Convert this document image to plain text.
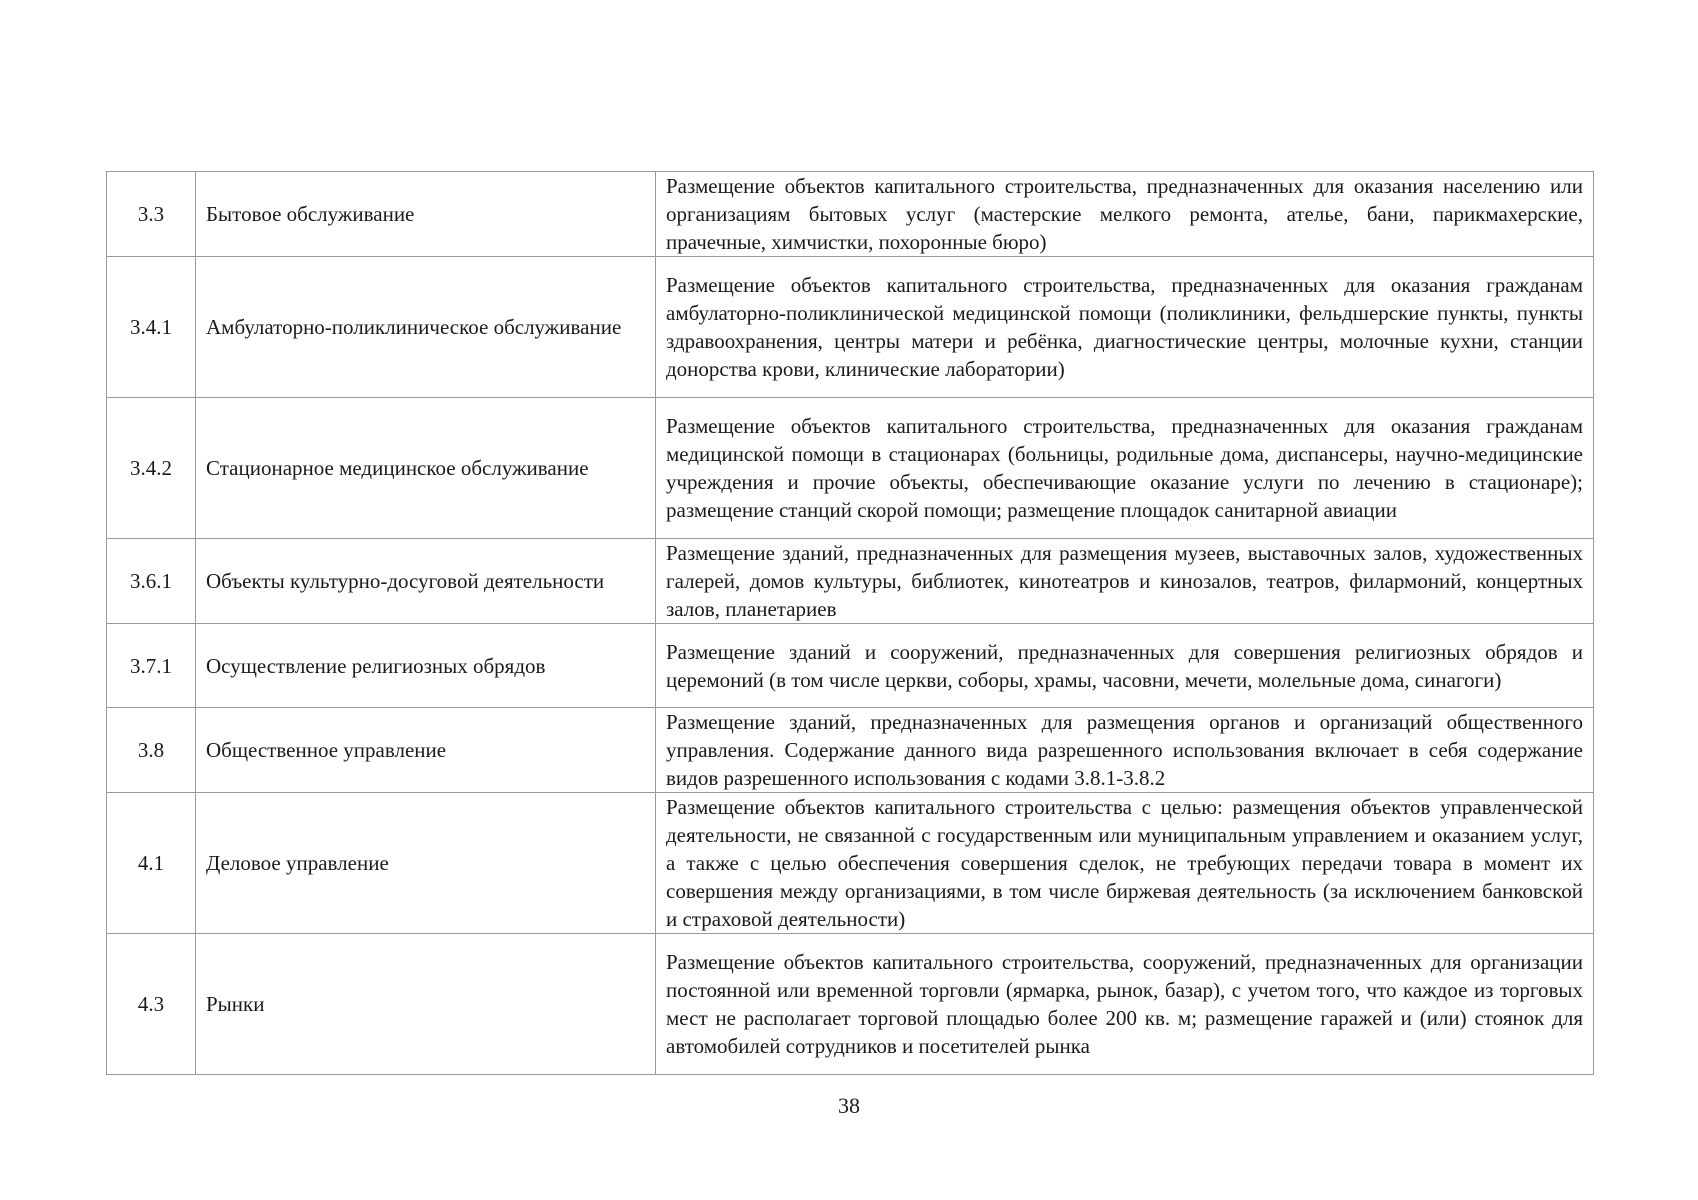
3.3	Бытовое обслуживание	Размещение объектов капитального строительства, предназначенных для оказания населению или организациям бытовых услуг (мастерские мелкого ремонта, ателье, бани, парикмахерские, прачечные, химчистки, похоронные бюро)
3.4.1	Амбулаторно-поликлиническое обслуживание	Размещение объектов капитального строительства, предназначенных для оказания гражданам амбулаторно-поликлинической медицинской помощи (поликлиники, фельдшерские пункты, пункты здравоохранения, центры матери и ребёнка, диагностические центры, молочные кухни, станции донорства крови, клинические лаборатории)
3.4.2	Стационарное медицинское обслуживание	Размещение объектов капитального строительства, предназначенных для оказания гражданам медицинской помощи в стационарах (больницы, родильные дома, диспансеры, научно-медицинские учреждения и прочие объекты, обеспечивающие оказание услуги по лечению в стационаре); размещение станций скорой помощи; размещение площадок санитарной авиации
3.6.1	Объекты культурно-досуговой деятельности	Размещение зданий, предназначенных для размещения музеев, выставочных залов, художественных галерей, домов культуры, библиотек, кинотеатров и кинозалов, театров, филармоний, концертных залов, планетариев
3.7.1	Осуществление религиозных обрядов	Размещение зданий и сооружений, предназначенных для совершения религиозных обрядов и церемоний (в том числе церкви, соборы, храмы, часовни, мечети, молельные дома, синагоги)
3.8	Общественное управление	Размещение зданий, предназначенных для размещения органов и организаций общественного управления. Содержание данного вида разрешенного использования включает в себя содержание видов разрешенного использования с кодами 3.8.1-3.8.2
4.1	Деловое управление	Размещение объектов капитального строительства с целью: размещения объектов управленческой деятельности, не связанной с государственным или муниципальным управлением и оказанием услуг, а также с целью обеспечения совершения сделок, не требующих передачи товара в момент их совершения между организациями, в том числе биржевая деятельность (за исключением банковской и страховой деятельности)
4.3	Рынки	Размещение объектов капитального строительства, сооружений, предназначенных для организации постоянной или временной торговли (ярмарка, рынок, базар), с учетом того, что каждое из торговых мест не располагает торговой площадью более 200 кв. м; размещение гаражей и (или) стоянок для автомобилей сотрудников и посетителей рынка
38
